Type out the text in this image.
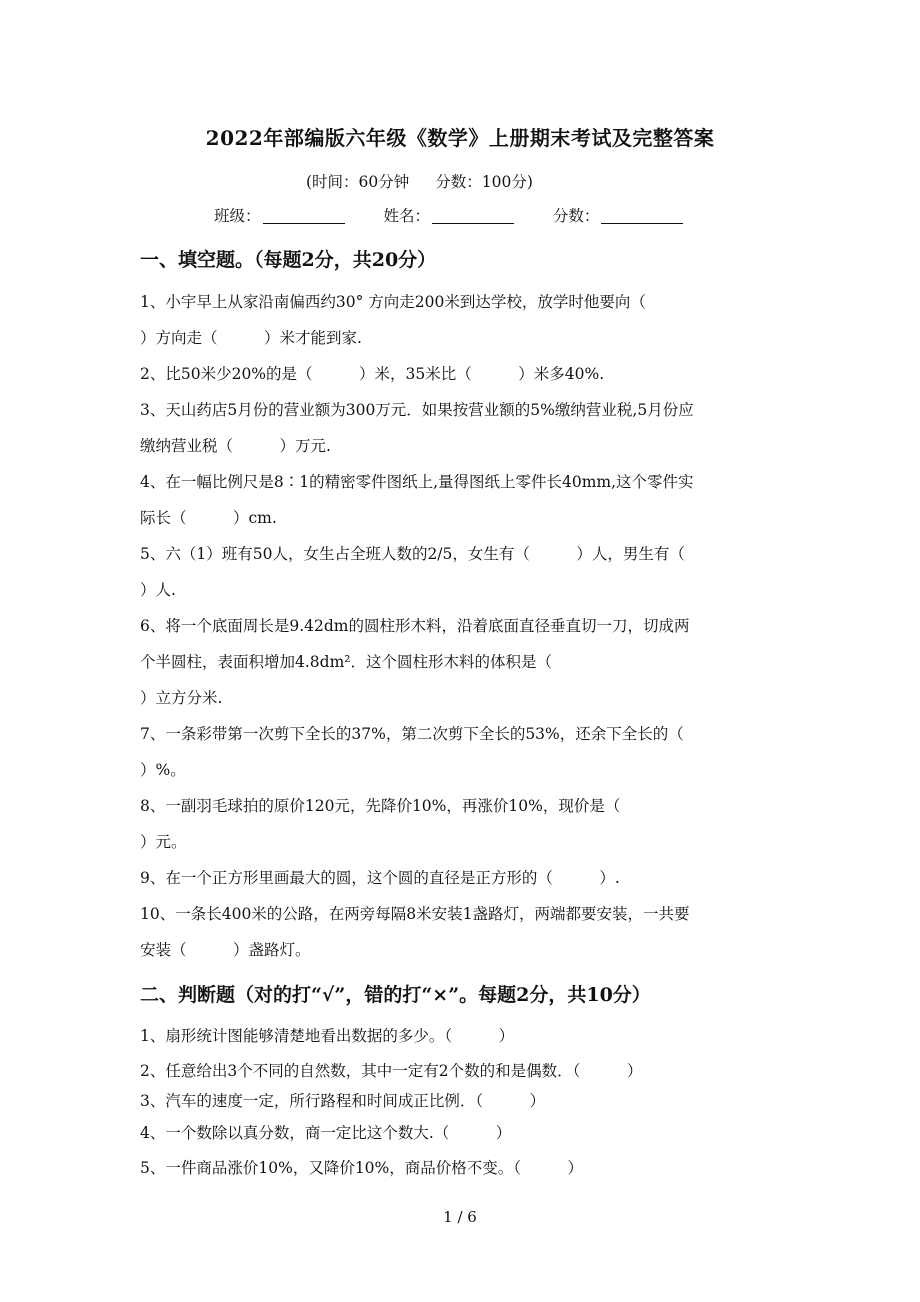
2022年部编版六年级《数学》上册期末考试及完整答案
(时间：60分钟 分数：100分)
班级：	姓名：	分数：
一、填空题。（每题2分，共20分）
1、小宇早上从家沿南偏西约30° 方向走200米到达学校，放学时他要向（
）方向走（　　　）米才能到家.
2、比50米少20%的是（　　　）米，35米比（　　　）米多40%.
3、天山药店5月份的营业额为300万元．如果按营业额的5%缴纳营业税,5月份应
缴纳营业税（　　　）万元.
4、在一幅比例尺是8∶1的精密零件图纸上,量得图纸上零件长40mm,这个零件实
际长（　　　）cm.
5、六（1）班有50人，女生占全班人数的2/5，女生有（　　　）人，男生有（
）人.
6、将一个底面周长是9.42dm的圆柱形木料，沿着底面直径垂直切一刀，切成两
个半圆柱，表面积增加4.8dm²．这个圆柱形木料的体积是（
）立方分米.
7、一条彩带第一次剪下全长的37%，第二次剪下全长的53%，还余下全长的（
）%。
8、一副羽毛球拍的原价120元，先降价10%，再涨价10%，现价是（
）元。
9、在一个正方形里画最大的圆，这个圆的直径是正方形的（　　　）.
10、一条长400米的公路，在两旁每隔8米安装1盏路灯，两端都要安装，一共要
安装（　　　）盏路灯。
二、判断题（对的打“√”，错的打“×”。每题2分，共10分）
1、扇形统计图能够清楚地看出数据的多少。（　　　）
2、任意给出3个不同的自然数，其中一定有2个数的和是偶数．（　　　）
3、汽车的速度一定，所行路程和时间成正比例．（　　　）
4、一个数除以真分数，商一定比这个数大.（　　　）
5、一件商品涨价10%，又降价10%，商品价格不变。（　　　）
1 / 6
